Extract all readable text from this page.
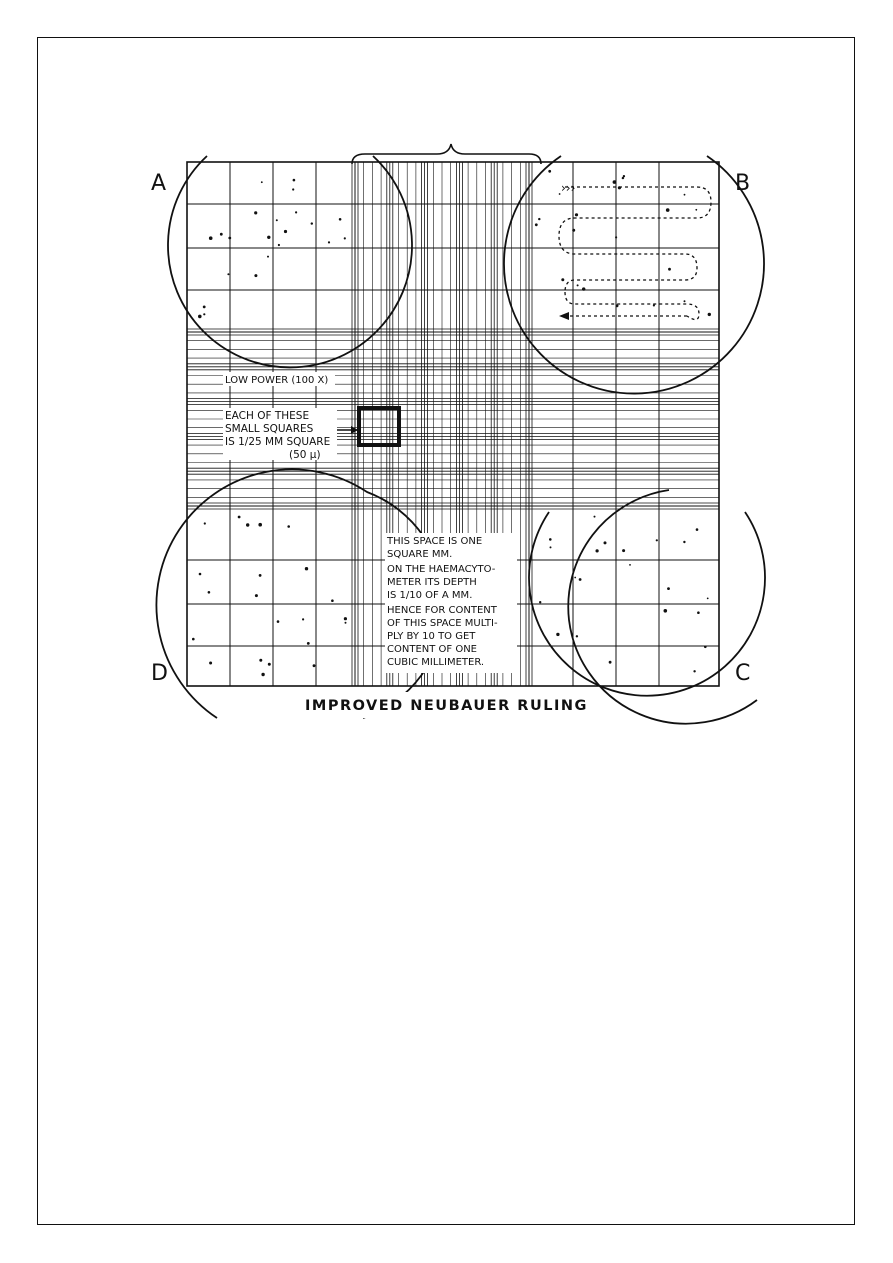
›››
A	B
C
D
LOW POWER (100 X)
EACH OF THESE
SMALL SQUARES
IS 1/25 MM SQUARE
(50 μ)
THIS SPACE IS ONE
SQUARE MM.
ON THE HAEMACYTO-
METER ITS DEPTH
IS 1/10 OF A MM.
HENCE FOR CONTENT
OF THIS SPACE MULTI-
PLY BY 10 TO GET
CONTENT OF ONE
CUBIC MILLIMETER.
IMPROVED NEUBAUER RULING
